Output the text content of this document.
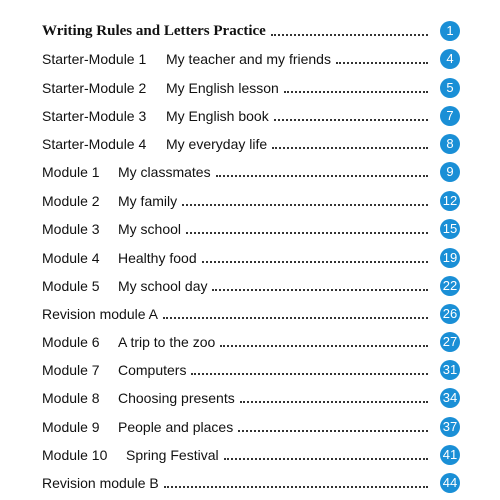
Writing Rules and Letters Practice	1
Starter-Module 1 My teacher and my friends	4
Starter-Module 2 My English lesson	5
Starter-Module 3 My English book	7
Starter-Module 4 My everyday life	8
Module 1 My classmates	9
Module 2 My family	12
Module 3 My school	15
Module 4 Healthy food	19
Module 5 My school day	22
Revision module A	26
Module 6 A trip to the zoo	27
Module 7 Computers	31
Module 8 Choosing presents	34
Module 9 People and places	37
Module 10 Spring Festival	41
Revision module B	44
